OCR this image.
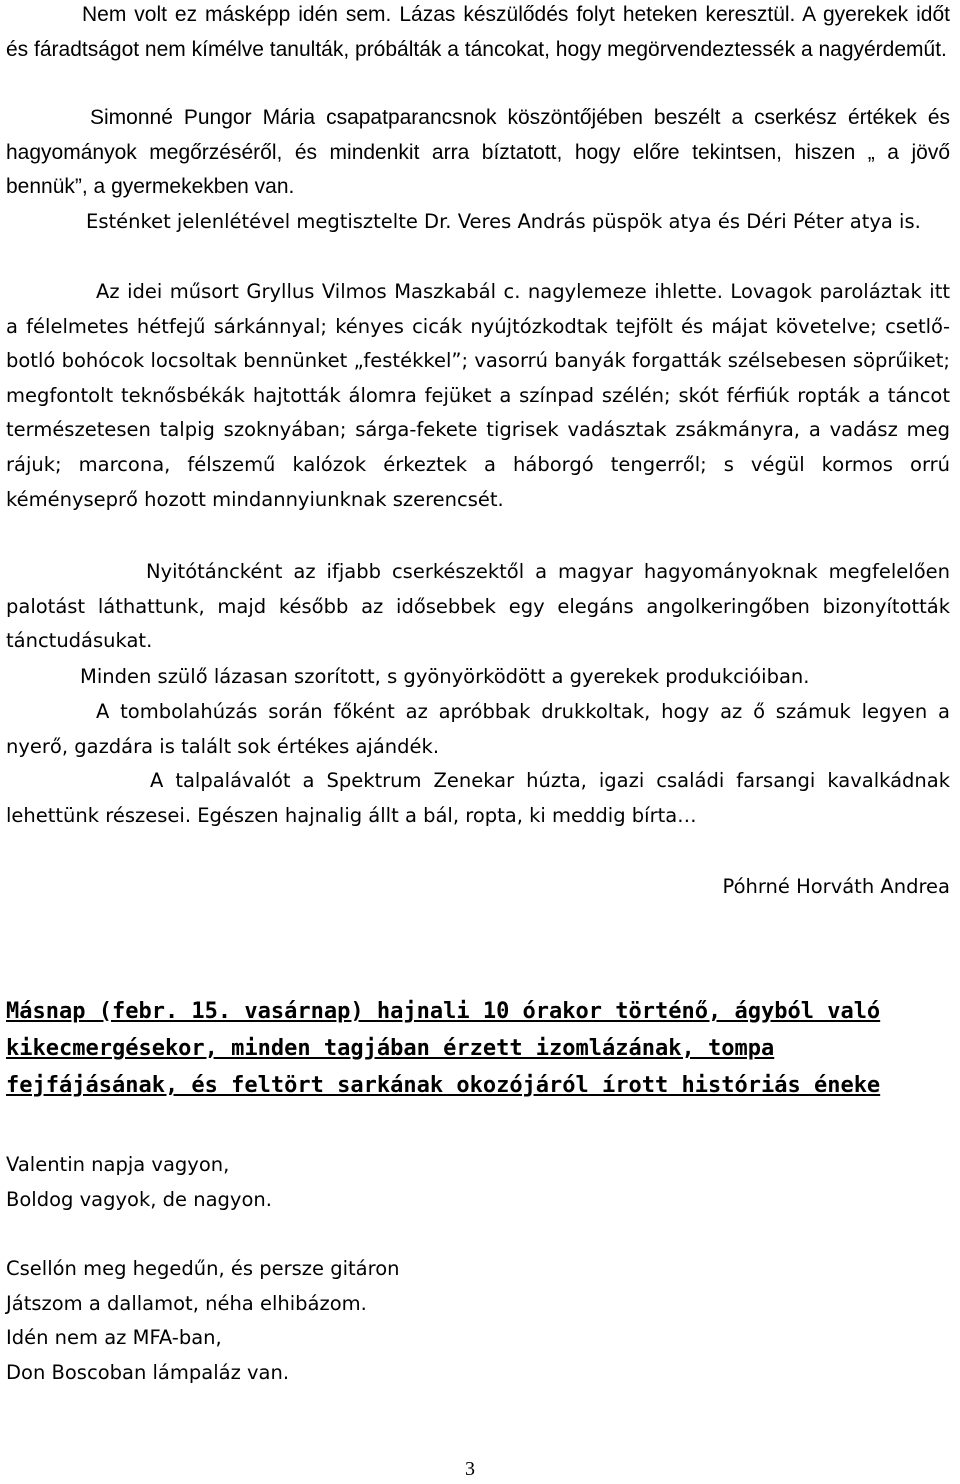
Nem volt ez másképp idén sem. Lázas készülődés folyt heteken keresztül. A gyerekek időt és fáradtságot nem kímélve tanulták, próbálták a táncokat, hogy megörvendeztessék a nagyérdeműt.

Simonné Pungor Mária csapatparancsnok köszöntőjében beszélt a cserkész értékek és hagyományok megőrzéséről, és mindenkit arra bíztatott, hogy előre tekintsen, hiszen „ a jövő bennük”, a gyermekekben van.

Esténket jelenlétével megtisztelte Dr. Veres András püspök atya és Déri Péter atya is.

Az idei műsort Gryllus Vilmos Maszkabál c. nagylemeze ihlette. Lovagok paroláztak itt a félelmetes hétfejű sárkánnyal; kényes cicák nyújtózkodtak tejfölt és májat követelve; csetlő-botló bohócok locsoltak bennünket „festékkel”; vasorrú banyák forgatták szélsebesen söprűiket; megfontolt teknősbékák hajtották álomra fejüket a színpad szélén; skót férfiúk ropták a táncot természetesen talpig szoknyában; sárga-fekete tigrisek vadásztak zsákmányra, a vadász meg rájuk; marcona, félszemű kalózok érkeztek a háborgó tengerről; s végül kormos orrú kéményseprő hozott mindannyiunknak szerencsét.

Nyitótáncként az ifjabb cserkészektől a magyar hagyományoknak megfelelően palotást láthattunk, majd később az idősebbek egy elegáns angolkeringőben bizonyították tánctudásukat.

Minden szülő lázasan szorított, s gyönyörködött a gyerekek produkcióiban.

A tombolahúzás során főként az apróbbak drukkoltak, hogy az ő számuk legyen a nyerő, gazdára is talált sok értékes ajándék.

A talpalávalót a Spektrum Zenekar húzta, igazi családi farsangi kavalkádnak lehettünk részesei. Egészen hajnalig állt a bál, ropta, ki meddig bírta…

Póhrné Horváth Andrea

Másnap (febr. 15. vasárnap) hajnali 10 órakor történő, ágyból való kikecmergésekor, minden tagjában érzett izomlázának, tompa fejfájásának, és feltört sarkának okozójáról írott históriás éneke

Valentin napja vagyon,
Boldog vagyok, de nagyon.
Csellón meg hegedűn, és persze gitáron
Játszom a dallamot, néha elhibázom.
Idén nem az MFA-ban,
Don Boscoban lámpaláz van.
3
